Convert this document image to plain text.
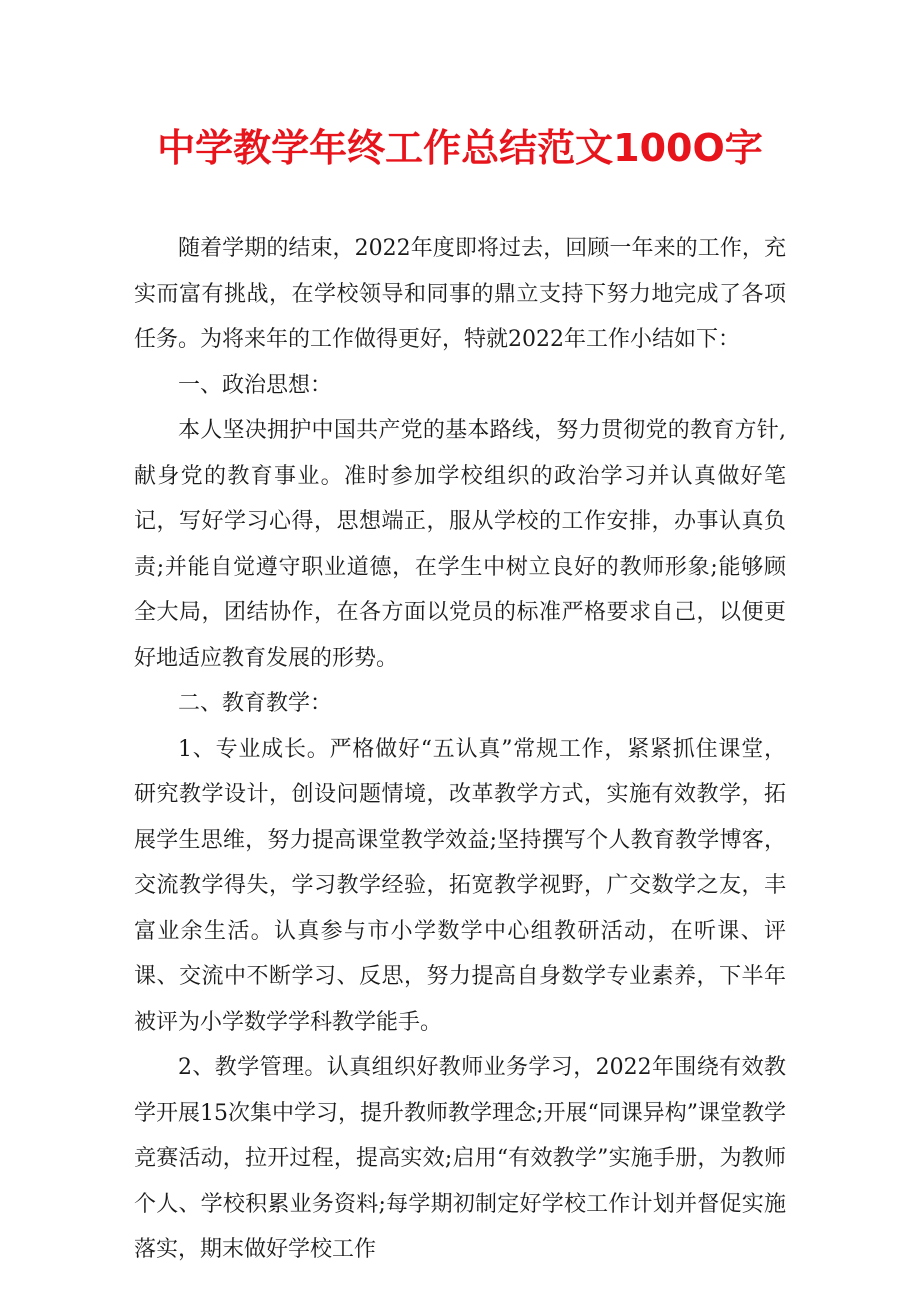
中学教学年终工作总结范文100O字

随着学期的结束，2022年度即将过去，回顾一年来的工作，充实而富有挑战，在学校领导和同事的鼎立支持下努力地完成了各项任务。为将来年的工作做得更好，特就2022年工作小结如下：

一、政治思想：

本人坚决拥护中国共产党的基本路线，努力贯彻党的教育方针,献身党的教育事业。准时参加学校组织的政治学习并认真做好笔记，写好学习心得，思想端正，服从学校的工作安排，办事认真负责;并能自觉遵守职业道德，在学生中树立良好的教师形象;能够顾全大局，团结协作，在各方面以党员的标准严格要求自己，以便更好地适应教育发展的形势。

二、教育教学：

1、专业成长。严格做好“五认真”常规工作，紧紧抓住课堂，研究教学设计，创设问题情境，改革教学方式，实施有效教学，拓展学生思维，努力提高课堂教学效益;坚持撰写个人教育教学博客，交流教学得失，学习教学经验，拓宽教学视野，广交数学之友，丰富业余生活。认真参与市小学数学中心组教研活动，在听课、评课、交流中不断学习、反思，努力提高自身数学专业素养，下半年被评为小学数学学科教学能手。

2、教学管理。认真组织好教师业务学习，2022年围绕有效教学开展15次集中学习，提升教师教学理念;开展“同课异构”课堂教学竞赛活动，拉开过程，提高实效;启用“有效教学”实施手册，为教师个人、学校积累业务资料;每学期初制定好学校工作计划并督促实施落实，期末做好学校工作
